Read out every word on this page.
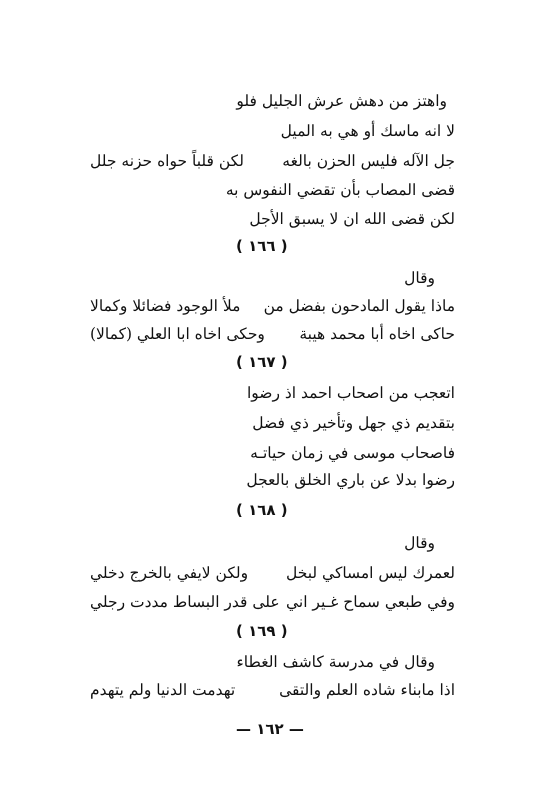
واهتز من دهش عرش الجليل فلو
لا انه ماسك أو هي به الميل
جل الآله فليس الحزن بالغه
لكن قلباً حواه حزنه جلل
قضى المصاب بأن تقضي النفوس به
لكن قضى الله ان لا يسبق الأجل
( ١٦٦ )
وقال
ماذا يقول المادحون بفضل من
ملأ الوجود فضائلا وكمالا
حاكى اخاه أبا محمد هيبة
وحكى اخاه ابا العلي (كمالا)
( ١٦٧ )
اتعجب من اصحاب احمد اذ رضوا
بتقديم ذي جهل وتأخير ذي فضل
فاصحاب موسى في زمان حياتـه
رضوا بدلا عن باري الخلق بالعجل
( ١٦٨ )
وقال
لعمرك ليس امساكي لبخل
ولكن لايفي بالخرج دخلي
وفي طبعي سماح غـير اني
على قدر البساط مددت رجلي
( ١٦٩ )
وقال في مدرسة كاشف الغطاء
اذا مابناء شاده العلم والتقى
تهدمت الدنيا ولم يتهدم
— ١٦٢ —
